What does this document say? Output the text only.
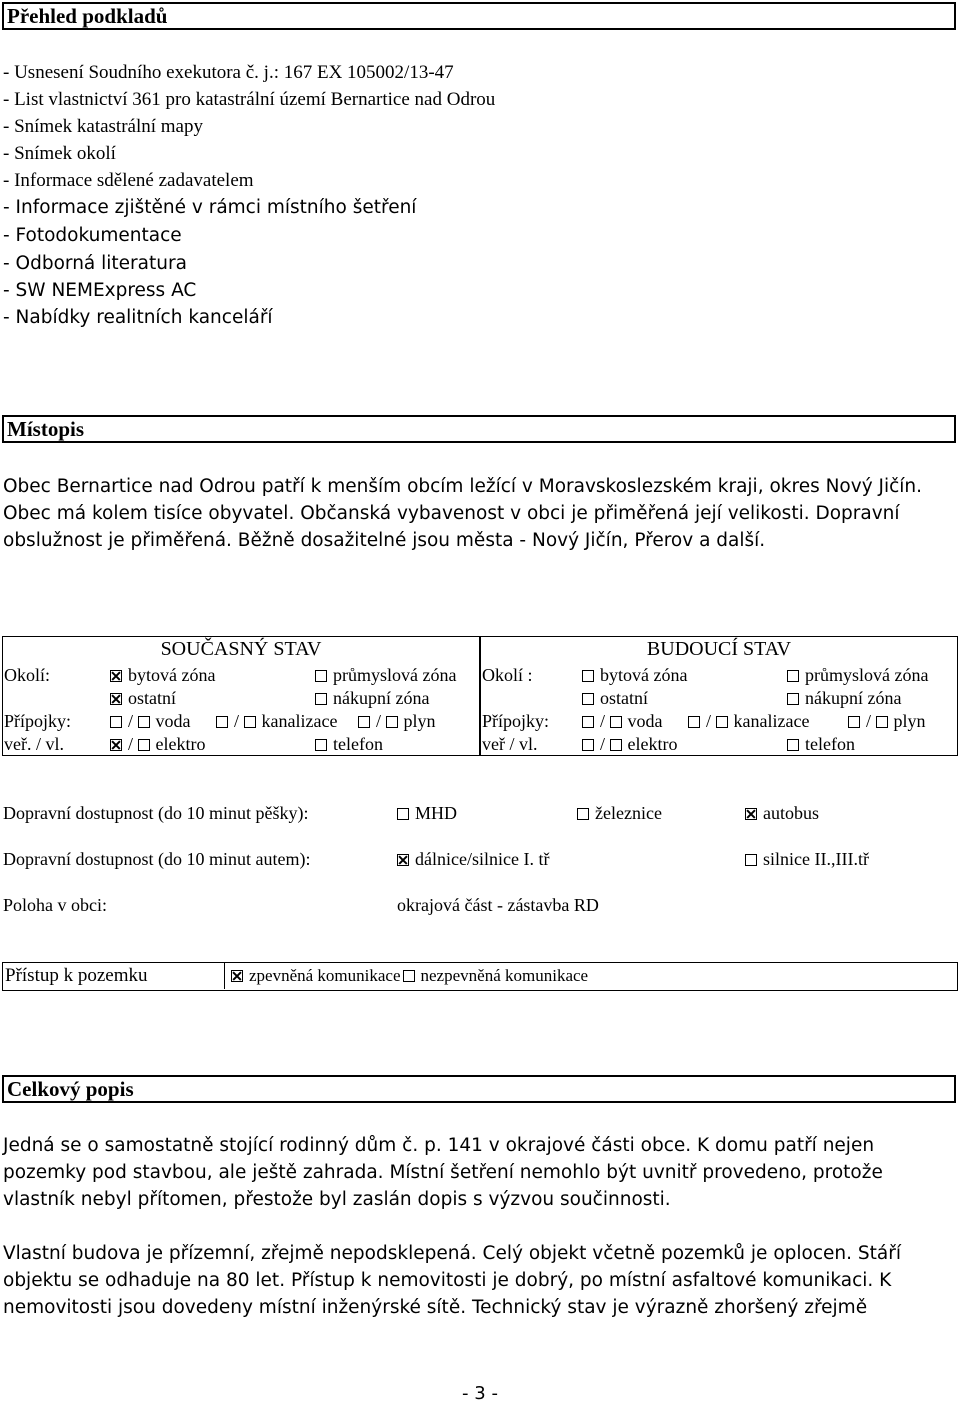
Přehled podkladů
- Usnesení Soudního exekutora č. j.: 167 EX 105002/13-47
- List vlastnictví 361 pro katastrální území Bernartice nad Odrou
- Snímek katastrální mapy
- Snímek okolí
- Informace sdělené zadavatelem
- Informace zjištěné v rámci místního šetření
- Fotodokumentace
- Odborná literatura
- SW NEMExpress AC
- Nabídky realitních kanceláří
Místopis
Obec Bernartice nad Odrou patří k menším obcím ležící v Moravskoslezském kraji, okres Nový Jičín. Obec má kolem tisíce obyvatel. Občanská vybavenost v obci je přiměřená její velikosti. Dopravní obslužnost je přiměřená. Běžně dosažitelné jsou města - Nový Jičín, Přerov a další.
SOUČASNÝ STAV	BUDOUCÍ STAV
Okolí:	bytová zóna	průmyslová zóna
ostatní	nákupní zóna
Přípojky:	/ voda	/ kanalizace	/ plyn
veř. / vl.	/ elektro	telefon
Okolí :	bytová zóna	průmyslová zóna
ostatní	nákupní zóna
Přípojky:	/ voda	/ kanalizace	/ plyn
veř / vl.	/ elektro	telefon
Dopravní dostupnost (do 10 minut pěšky):	MHD	železnice	autobus
Dopravní dostupnost (do 10 minut autem):	dálnice/silnice I. tř	silnice II.,III.tř
Poloha v obci:	okrajová část - zástavba RD
Přístup k pozemku	zpevněná komunikace nezpevněná komunikace
Celkový popis
Jedná se o samostatně stojící rodinný dům č. p. 141 v okrajové části obce. K domu patří nejen pozemky pod stavbou, ale ještě zahrada. Místní šetření nemohlo být uvnitř provedeno, protože vlastník nebyl přítomen, přestože byl zaslán dopis s výzvou součinnosti.
Vlastní budova je přízemní, zřejmě nepodsklepená. Celý objekt včetně pozemků je oplocen. Stáří objektu se odhaduje na 80 let. Přístup k nemovitosti je dobrý, po místní asfaltové komunikaci. K nemovitosti jsou dovedeny místní inženýrské sítě. Technický stav je výrazně zhoršený zřejmě
- 3 -
